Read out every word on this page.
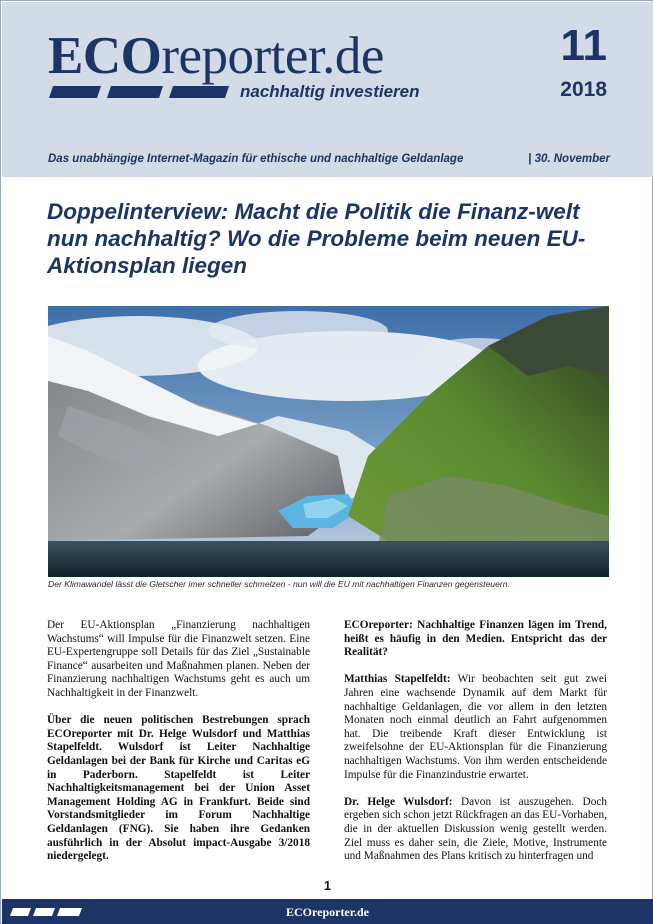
ECOreporter.de
nachhaltig investieren
11
2018
Das unabhängige Internet-Magazin für ethische und nachhaltige Geldanlage	| 30. November
Doppelinterview: Macht die Politik die Finanz-welt nun nachhaltig? Wo die Probleme beim neuen EU-Aktionsplan liegen
Der Klimawandel lässt die Gletscher imer schneller schmelzen - nun will die EU mit nachhaltigen Finanzen gegensteuern.

Der EU-Aktionsplan „Finanzierung nachhaltigen Wachstums“ will Impulse für die Finanzwelt setzen. Eine EU-Expertengruppe soll Details für das Ziel „Sustainable Finance“ ausarbeiten und Maßnahmen planen. Neben der Finanzierung nachhaltigen Wachstums geht es auch um Nachhaltigkeit in der Finanzwelt.

Über die neuen politischen Bestrebungen sprach ECOreporter mit Dr. Helge Wulsdorf und Matthias Stapelfeldt. Wulsdorf ist Leiter Nachhaltige Geldanlagen bei der Bank für Kirche und Caritas eG in Paderborn. Stapelfeldt ist Leiter Nachhaltigkeitsmanagement bei der Union Asset Management Holding AG in Frankfurt. Beide sind Vorstandsmitglieder im Forum Nachhaltige Geldanlagen (FNG). Sie haben ihre Gedanken ausführlich in der Absolut impact-Ausgabe 3/2018 niedergelegt.

ECOreporter: Nachhaltige Finanzen lägen im Trend, heißt es häufig in den Medien. Entspricht das der Realität?

Matthias Stapelfeldt: Wir beobachten seit gut zwei Jahren eine wachsende Dynamik auf dem Markt für nachhaltige Geldanlagen, die vor allem in den letzten Monaten noch einmal deutlich an Fahrt aufgenommen hat. Die treibende Kraft dieser Entwicklung ist zweifelsohne der EU-Aktionsplan für die Finanzierung nachhaltigen Wachstums. Von ihm werden entscheidende Impulse für die Finanzindustrie erwartet.

Dr. Helge Wulsdorf: Davon ist auszugehen. Doch ergeben sich schon jetzt Rückfragen an das EU-Vorhaben, die in der aktuellen Diskussion wenig gestellt werden. Ziel muss es daher sein, die Ziele, Motive, Instrumente und Maßnahmen des Plans kritisch zu hinterfragen und

1
ECOreporter.de
